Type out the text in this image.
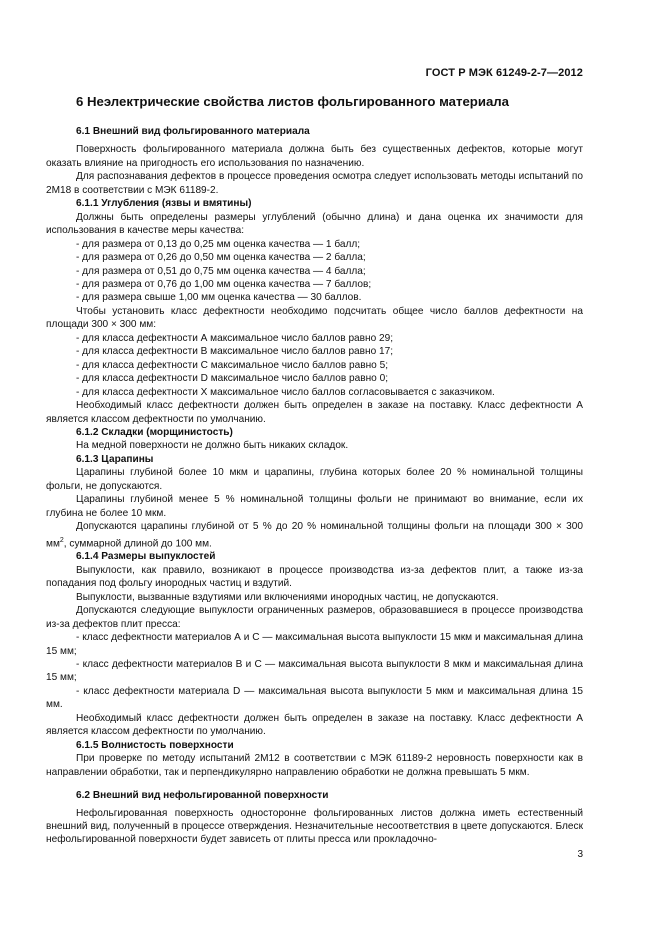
ГОСТ Р МЭК 61249-2-7—2012
6 Неэлектрические свойства листов фольгированного материала

6.1 Внешний вид фольгированного материала

Поверхность фольгированного материала должна быть без существенных дефектов, которые могут оказать влияние на пригодность его использования по назначению.

Для распознавания дефектов в процессе проведения осмотра следует использовать методы испытаний по 2М18 в соответствии с МЭК 61189-2.

6.1.1 Углубления (язвы и вмятины)

Должны быть определены размеры углублений (обычно длина) и дана оценка их значимости для использования в качестве меры качества:

- для размера от 0,13 до 0,25 мм оценка качества — 1 балл;

- для размера от 0,26 до 0,50 мм оценка качества — 2 балла;

- для размера от 0,51 до 0,75 мм оценка качества — 4 балла;

- для размера от 0,76 до 1,00 мм оценка качества — 7 баллов;

- для размера свыше 1,00 мм оценка качества — 30 баллов.

Чтобы установить класс дефектности необходимо подсчитать общее число баллов дефектности на площади 300 × 300 мм:

- для класса дефектности А максимальное число баллов равно 29;

- для класса дефектности В максимальное число баллов равно 17;

- для класса дефектности С максимальное число баллов равно 5;

- для класса дефектности D максимальное число баллов равно 0;

- для класса дефектности Х максимальное число баллов согласовывается с заказчиком.

Необходимый класс дефектности должен быть определен в заказе на поставку. Класс дефектности А является классом дефектности по умолчанию.

6.1.2 Складки (морщинистость)

На медной поверхности не должно быть никаких складок.

6.1.3 Царапины

Царапины глубиной более 10 мкм и царапины, глубина которых более 20 % номинальной толщины фольги, не допускаются.

Царапины глубиной менее 5 % номинальной толщины фольги не принимают во внимание, если их глубина не более 10 мкм.

Допускаются царапины глубиной от 5 % до 20 % номинальной толщины фольги на площади 300 × 300 $мм^2$, суммарной длиной до 100 мм.

6.1.4 Размеры выпуклостей

Выпуклости, как правило, возникают в процессе производства из-за дефектов плит, а также из-за попадания под фольгу инородных частиц и вздутий.

Выпуклости, вызванные вздутиями или включениями инородных частиц, не допускаются.

Допускаются следующие выпуклости ограниченных размеров, образовавшиеся в процессе производства из-за дефектов плит пресса:

- класс дефектности материалов А и С — максимальная высота выпуклости 15 мкм и максимальная длина 15 мм;

- класс дефектности материалов В и С — максимальная высота выпуклости 8 мкм и максимальная длина 15 мм;

- класс дефектности материала D — максимальная высота выпуклости 5 мкм и максимальная длина 15 мм.

Необходимый класс дефектности должен быть определен в заказе на поставку. Класс дефектности А является классом дефектности по умолчанию.

6.1.5 Волнистость поверхности

При проверке по методу испытаний 2М12 в соответствии с МЭК 61189-2 неровность поверхности как в направлении обработки, так и перпендикулярно направлению обработки не должна превышать 5 мкм.

6.2 Внешний вид нефольгированной поверхности

Нефольгированная поверхность односторонне фольгированных листов должна иметь естественный внешний вид, полученный в процессе отверждения. Незначительные несоответствия в цвете допускаются. Блеск нефольгированной поверхности будет зависеть от плиты пресса или прокладочно-

3
